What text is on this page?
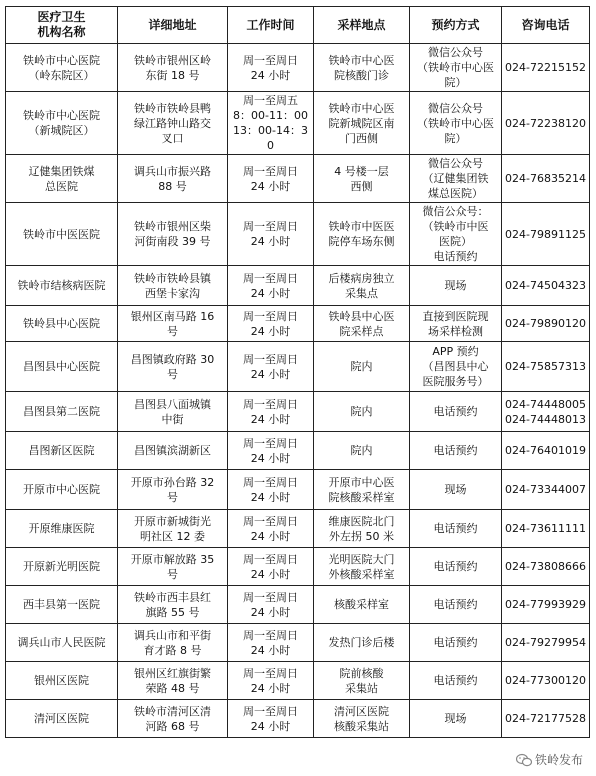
医疗卫生
机构名称	详细地址	工作时间	采样地点	预约方式	咨询电话

铁岭市中心医院
（岭东院区）	铁岭市银州区岭
东街 18 号	周一至周日
24 小时	铁岭市中心医
院核酸门诊	微信公众号
（铁岭市中心医
院）	024-72215152

铁岭市中心医院
（新城院区）	铁岭市铁岭县鸭
绿江路钟山路交
叉口	周一至周五
8：00-11：00
13：00-14：30	铁岭市中心医
院新城院区南
门西侧	微信公众号
（铁岭市中心医
院）	024-72238120

辽健集团铁煤
总医院	调兵山市振兴路
88 号	周一至周日
24 小时	4 号楼一层
西侧	微信公众号
（辽健集团铁
煤总医院）	024-76835214

铁岭市中医医院	铁岭市银州区柴
河街南段 39 号	周一至周日
24 小时	铁岭市中医医
院停车场东侧	微信公众号：
（铁岭市中医
医院）
电话预约	024-79891125

铁岭市结核病医院	铁岭市铁岭县镇
西堡卡家沟	周一至周日
24 小时	后楼病房独立
采集点	现场	024-74504323

铁岭县中心医院	银州区南马路 16
号	周一至周日
24 小时	铁岭县中心医
院采样点	直接到医院现
场采样检测	024-79890120

昌图县中心医院	昌图镇政府路 30
号	周一至周日
24 小时	院内	APP 预约
（昌图县中心
医院服务号）	024-75857313

昌图县第二医院	昌图县八面城镇
中街	周一至周日
24 小时	院内	电话预约	024-74448005
024-74448013

昌图新区医院	昌图镇滨湖新区	周一至周日
24 小时	院内	电话预约	024-76401019

开原市中心医院	开原市孙台路 32
号	周一至周日
24 小时	开原市中心医
院核酸采样室	现场	024-73344007

开原维康医院	开原市新城街光
明社区 12 委	周一至周日
24 小时	维康医院北门
外左拐 50 米	电话预约	024-73611111

开原新光明医院	开原市解放路 35
号	周一至周日
24 小时	光明医院大门
外核酸采样室	电话预约	024-73808666

西丰县第一医院	铁岭市西丰县红
旗路 55 号	周一至周日
24 小时	核酸采样室	电话预约	024-77993929

调兵山市人民医院	调兵山市和平街
育才路 8 号	周一至周日
24 小时	发热门诊后楼	电话预约	024-79279954

银州区医院	银州区红旗街繁
荣路 48 号	周一至周日
24 小时	院前核酸
采集站	电话预约	024-77300120

清河区医院	铁岭市清河区清
河路 68 号	周一至周日
24 小时	清河区医院
核酸采集站	现场	024-72177528
铁岭发布
